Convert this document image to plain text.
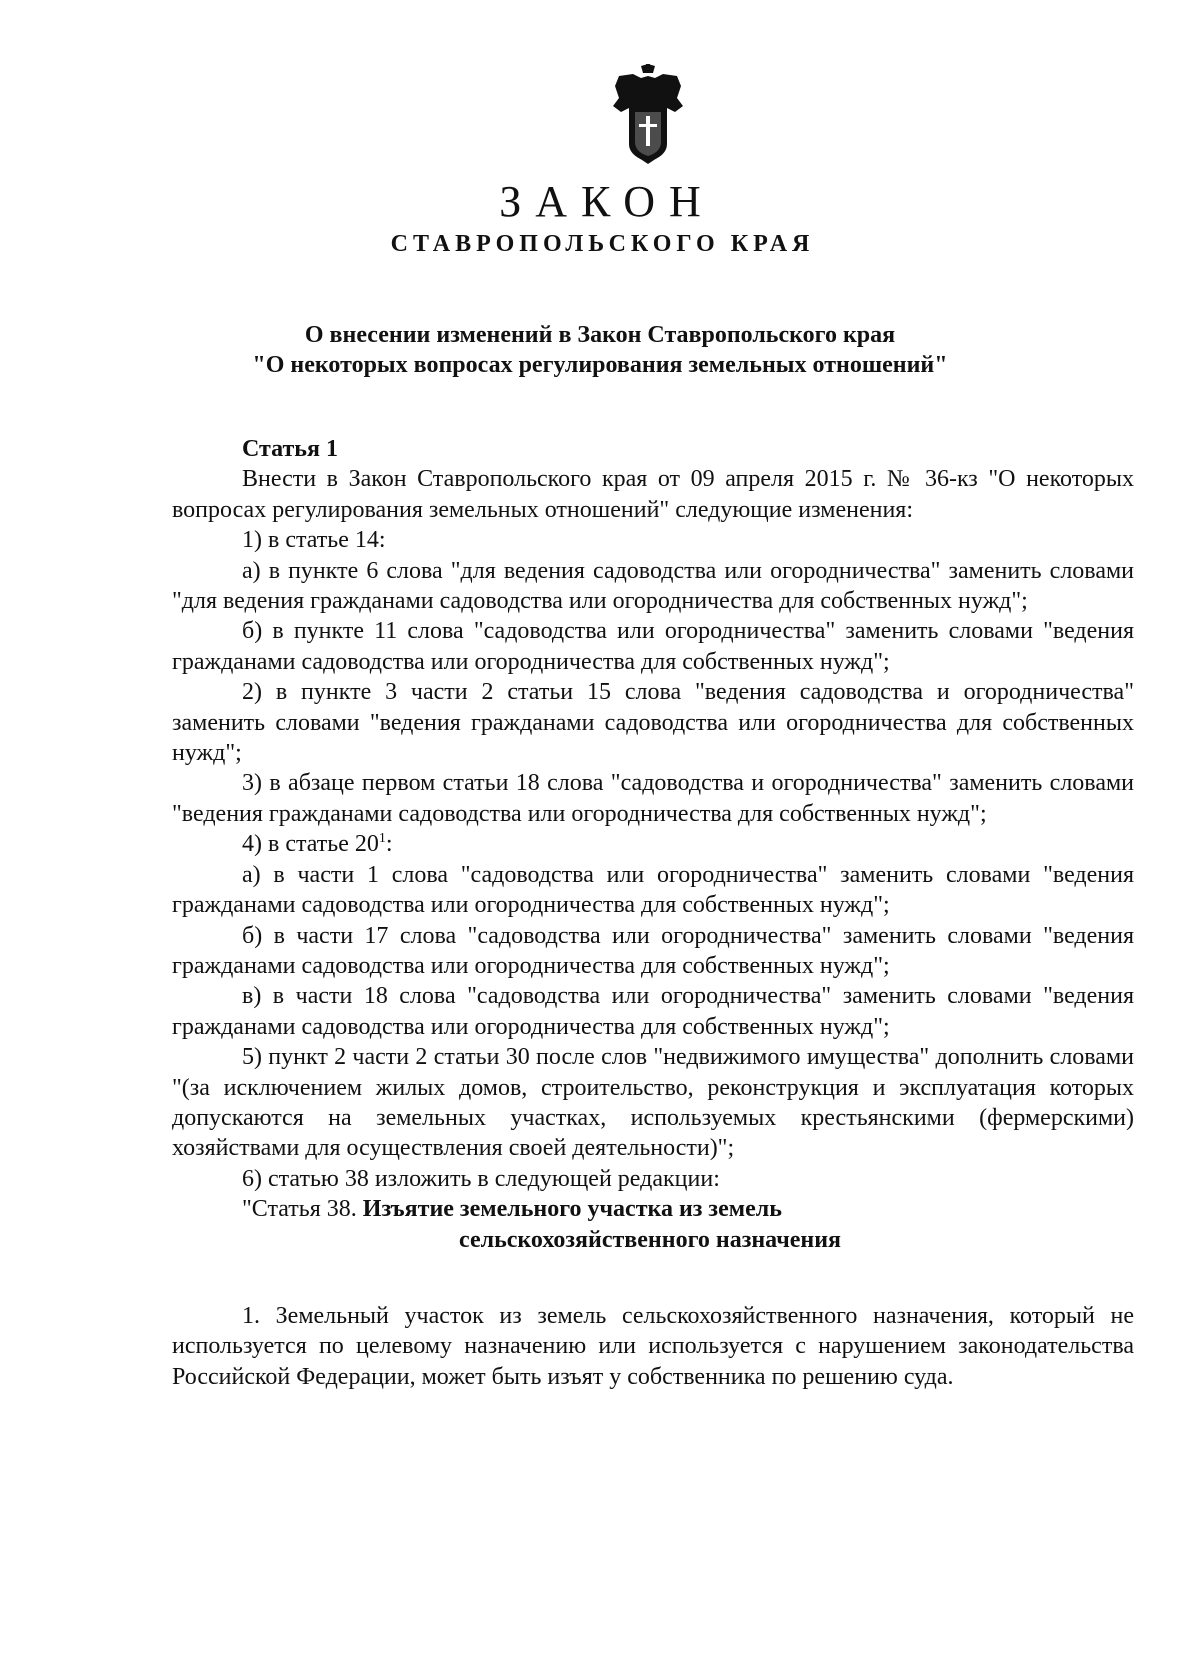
ЗАКОН
СТАВРОПОЛЬСКОГО КРАЯ
О внесении изменений в Закон Ставропольского края
"О некоторых вопросах регулирования земельных отношений"

Статья 1

Внести в Закон Ставропольского края от 09 апреля 2015 г. № 36-кз "О некоторых вопросах регулирования земельных отношений" следующие изменения:

1) в статье 14:

а) в пункте 6 слова "для ведения садоводства или огородничества" заменить словами "для ведения гражданами садоводства или огородничества для собственных нужд";

б) в пункте 11 слова "садоводства или огородничества" заменить словами "ведения гражданами садоводства или огородничества для собственных нужд";

2) в пункте 3 части 2 статьи 15 слова "ведения садоводства и огородничества" заменить словами "ведения гражданами садоводства или огородничества для собственных нужд";

3) в абзаце первом статьи 18 слова "садоводства и огородничества" заменить словами "ведения гражданами садоводства или огородничества для собственных нужд";

4) в статье $20^1$:

а) в части 1 слова "садоводства или огородничества" заменить словами "ведения гражданами садоводства или огородничества для собственных нужд";

б) в части 17 слова "садоводства или огородничества" заменить словами "ведения гражданами садоводства или огородничества для собственных нужд";

в) в части 18 слова "садоводства или огородничества" заменить словами "ведения гражданами садоводства или огородничества для собственных нужд";

5) пункт 2 части 2 статьи 30 после слов "недвижимого имущества" дополнить словами "(за исключением жилых домов, строительство, реконструкция и эксплуатация которых допускаются на земельных участках, используемых крестьянскими (фермерскими) хозяйствами для осуществления своей деятельности)";

6) статью 38 изложить в следующей редакции:

"Статья 38. Изъятие земельного участка из земель

сельскохозяйственного назначения

1. Земельный участок из земель сельскохозяйственного назначения, который не используется по целевому назначению или используется с нарушением законодательства Российской Федерации, может быть изъят у собственника по решению суда.
